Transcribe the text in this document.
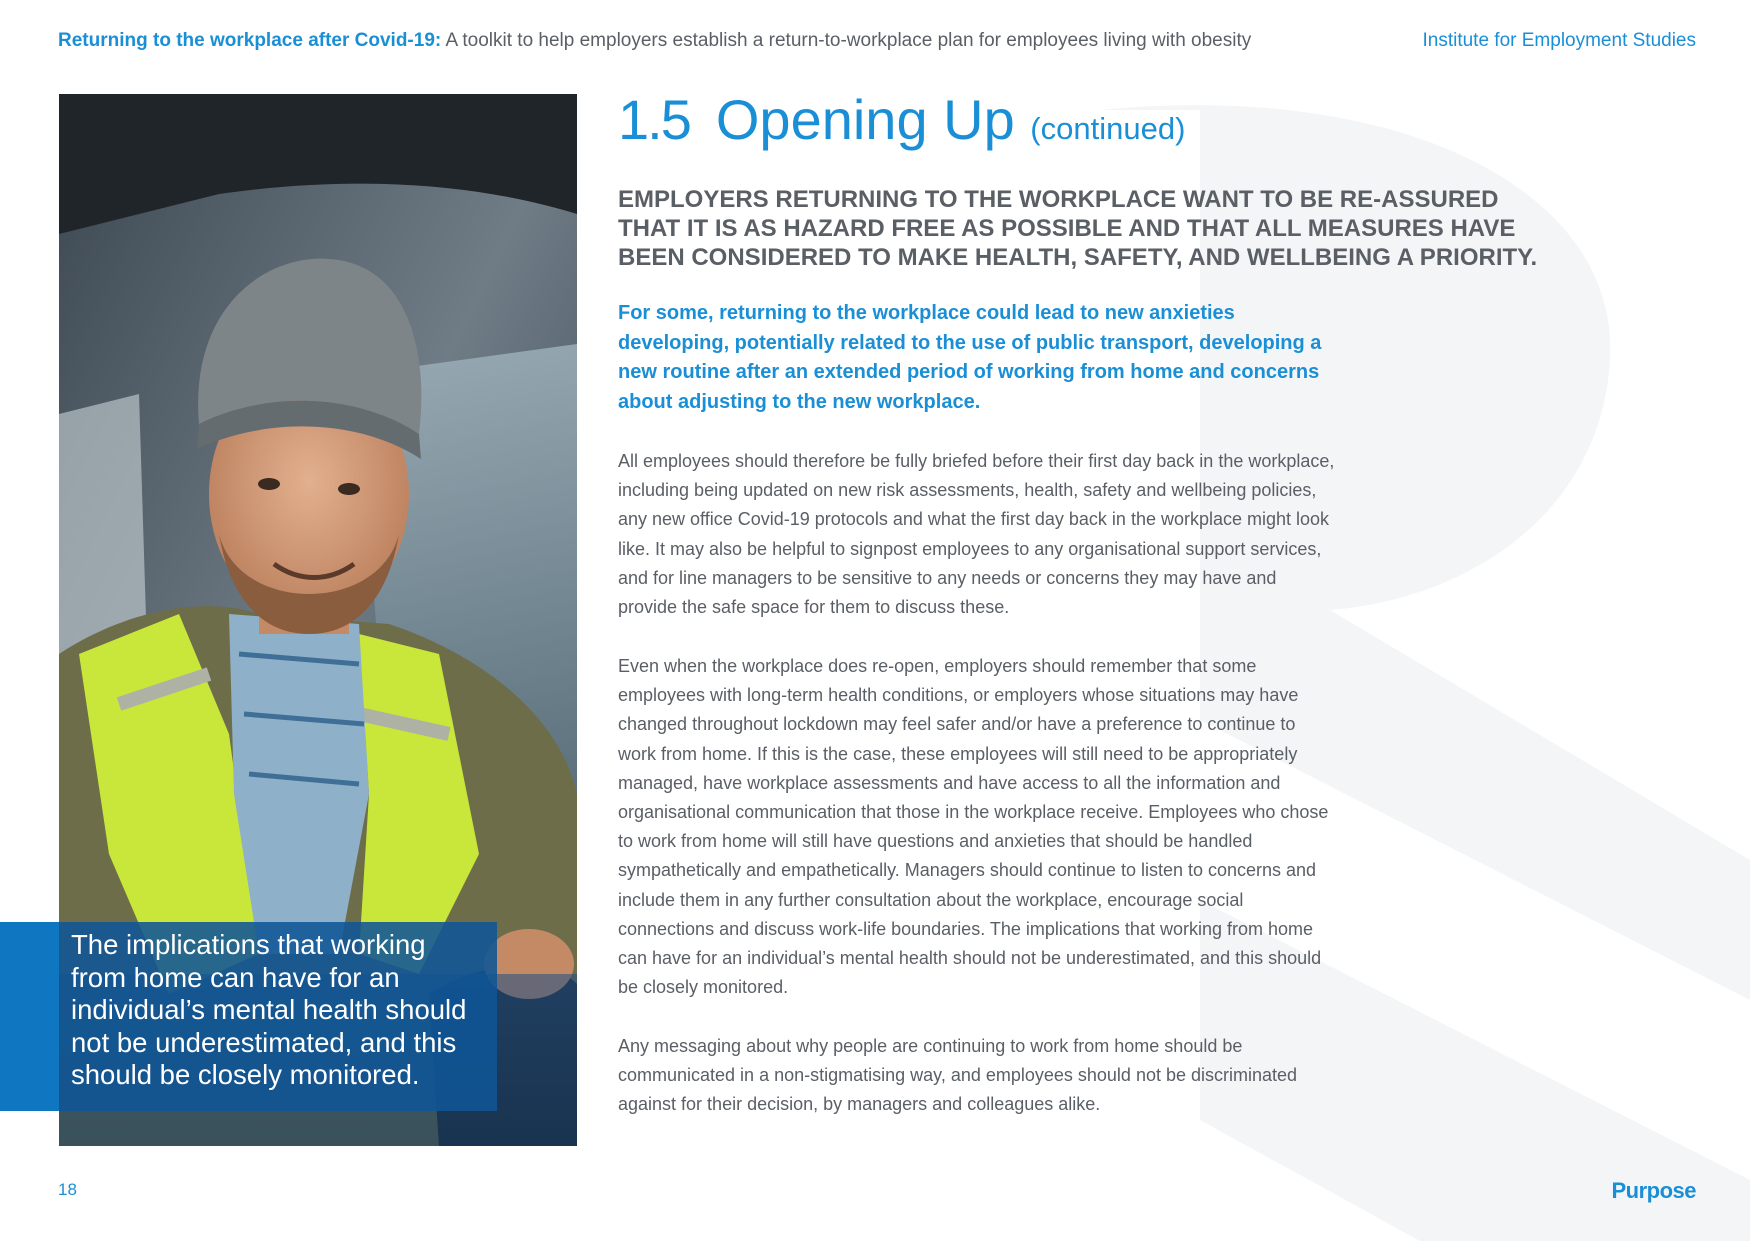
Returning to the workplace after Covid-19: A toolkit to help employers establish a return-to-workplace plan for employees living with obesity	Institute for Employment Studies
The implications that working from home can have for an individual’s mental health should not be underestimated, and this should be closely monitored.
1.5 Opening Up (continued)

EMPLOYERS RETURNING TO THE WORKPLACE WANT TO BE RE-ASSURED THAT IT IS AS HAZARD FREE AS POSSIBLE AND THAT ALL MEASURES HAVE BEEN CONSIDERED TO MAKE HEALTH, SAFETY, AND WELLBEING A PRIORITY.

For some, returning to the workplace could lead to new anxieties developing, potentially related to the use of public transport, developing a new routine after an extended period of working from home and concerns about adjusting to the new workplace.

All employees should therefore be fully briefed before their first day back in the workplace, including being updated on new risk assessments, health, safety and wellbeing policies, any new office Covid-19 protocols and what the first day back in the workplace might look like. It may also be helpful to signpost employees to any organisational support services, and for line managers to be sensitive to any needs or concerns they may have and provide the safe space for them to discuss these.

Even when the workplace does re-open, employers should remember that some employees with long-term health conditions, or employers whose situations may have changed throughout lockdown may feel safer and/or have a preference to continue to work from home. If this is the case, these employees will still need to be appropriately managed, have workplace assessments and have access to all the information and organisational communication that those in the workplace receive. Employees who chose to work from home will still have questions and anxieties that should be handled sympathetically and empathetically. Managers should continue to listen to concerns and include them in any further consultation about the workplace, encourage social connections and discuss work-life boundaries. The implications that working from home can have for an individual’s mental health should not be underestimated, and this should be closely monitored.

Any messaging about why people are continuing to work from home should be communicated in a non-stigmatising way, and employees should not be discriminated against for their decision, by managers and colleagues alike.

18	Purpose
